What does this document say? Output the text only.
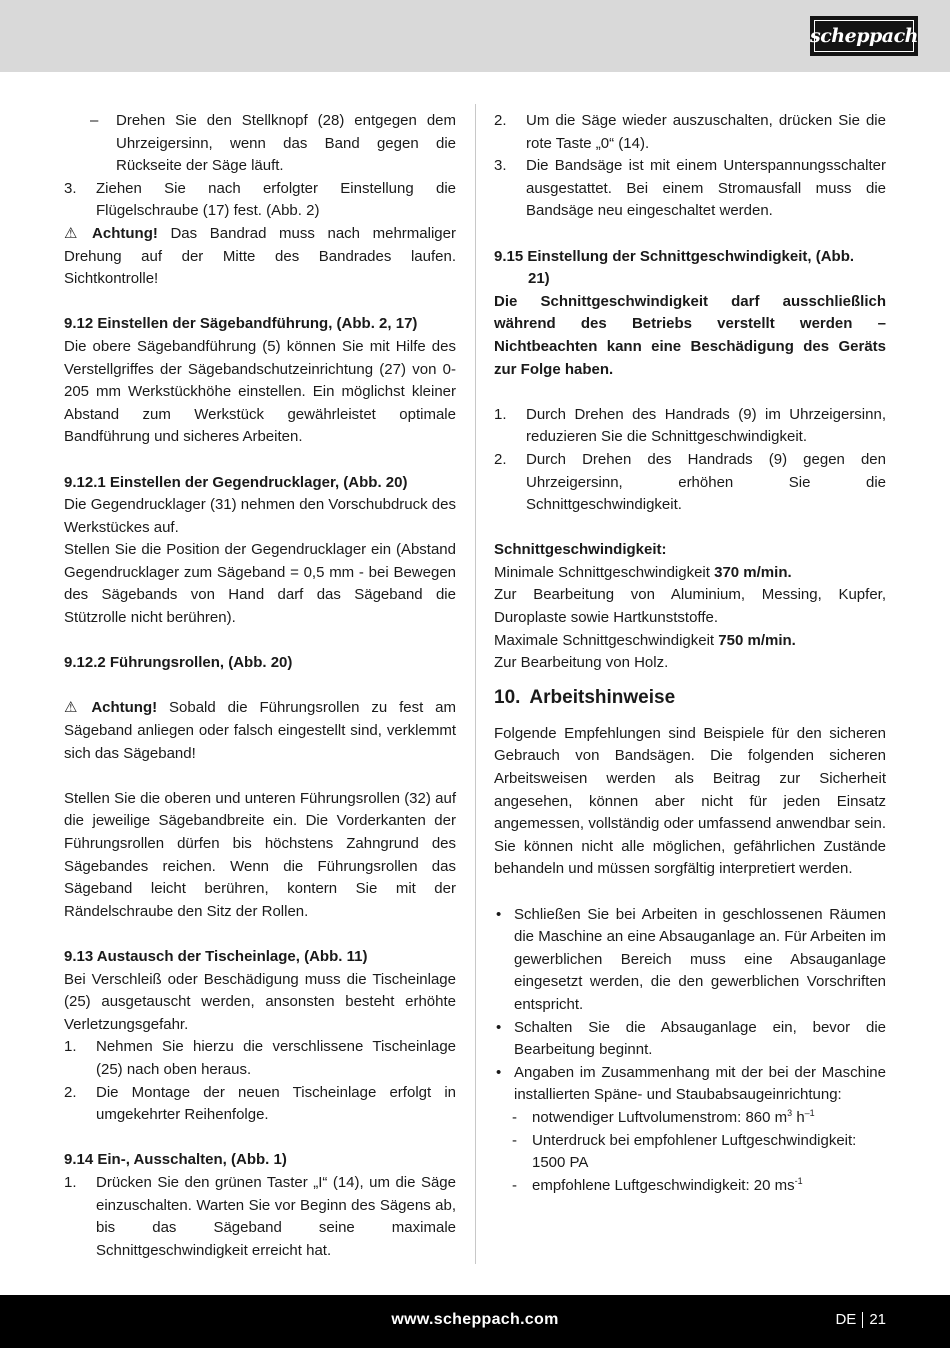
scheppach
–	Drehen Sie den Stellknopf (28) entgegen dem Uhrzeigersinn, wenn das Band gegen die Rückseite der Säge läuft.
3.	Ziehen Sie nach erfolgter Einstellung die Flügelschraube (17) fest. (Abb. 2)

⚠ Achtung! Das Bandrad muss nach mehrmaliger Drehung auf der Mitte des Bandrades laufen. Sichtkontrolle!

9.12 Einstellen der Sägebandführung, (Abb. 2, 17)

Die obere Sägebandführung (5) können Sie mit Hilfe des Verstellgriffes der Sägebandschutzeinrichtung (27) von 0-205 mm Werkstückhöhe einstellen. Ein möglichst kleiner Abstand zum Werkstück gewährleistet optimale Bandführung und sicheres Arbeiten.

9.12.1 Einstellen der Gegendrucklager, (Abb. 20)

Die Gegendrucklager (31) nehmen den Vorschubdruck des Werkstückes auf.

Stellen Sie die Position der Gegendrucklager ein (Abstand Gegendrucklager zum Sägeband = 0,5 mm - bei Bewegen des Sägebands von Hand darf das Sägeband die Stützrolle nicht berühren).

9.12.2 Führungsrollen, (Abb. 20)

⚠ Achtung! Sobald die Führungsrollen zu fest am Sägeband anliegen oder falsch eingestellt sind, verklemmt sich das Sägeband!

Stellen Sie die oberen und unteren Führungsrollen (32) auf die jeweilige Sägebandbreite ein. Die Vorderkanten der Führungsrollen dürfen bis höchstens Zahngrund des Sägebandes reichen. Wenn die Führungsrollen das Sägeband leicht berühren, kontern Sie mit der Rändelschraube den Sitz der Rollen.

9.13 Austausch der Tischeinlage, (Abb. 11)

Bei Verschleiß oder Beschädigung muss die Tischeinlage (25) ausgetauscht werden, ansonsten besteht erhöhte Verletzungsgefahr.

1.	Nehmen Sie hierzu die verschlissene Tischeinlage (25) nach oben heraus.
2.	Die Montage der neuen Tischeinlage erfolgt in umgekehrter Reihenfolge.

9.14 Ein-, Ausschalten, (Abb. 1)

1.	Drücken Sie den grünen Taster „I“ (14), um die Säge einzuschalten. Warten Sie vor Beginn des Sägens ab, bis das Sägeband seine maximale Schnittgeschwindigkeit erreicht hat.
2.	Um die Säge wieder auszuschalten, drücken Sie die rote Taste „0“ (14).
3.	Die Bandsäge ist mit einem Unterspannungsschalter ausgestattet. Bei einem Stromausfall muss die Bandsäge neu eingeschaltet werden.

9.15 Einstellung der Schnittgeschwindigkeit, (Abb.

21)

Die Schnittgeschwindigkeit darf ausschließlich während des Betriebs verstellt werden – Nichtbeachten kann eine Beschädigung des Geräts zur Folge haben.

1.	Durch Drehen des Handrads (9) im Uhrzeigersinn, reduzieren Sie die Schnittgeschwindigkeit.
2.	Durch Drehen des Handrads (9) gegen den Uhrzeigersinn, erhöhen Sie die Schnittgeschwindigkeit.

Schnittgeschwindigkeit:

Minimale Schnittgeschwindigkeit 370 m/min.

Zur Bearbeitung von Aluminium, Messing, Kupfer, Duroplaste sowie Hartkunststoffe.

Maximale Schnittgeschwindigkeit 750 m/min.

Zur Bearbeitung von Holz.

10. Arbeitshinweise

Folgende Empfehlungen sind Beispiele für den sicheren Gebrauch von Bandsägen. Die folgenden sicheren Arbeitsweisen werden als Beitrag zur Sicherheit angesehen, können aber nicht für jeden Einsatz angemessen, vollständig oder umfassend anwendbar sein. Sie können nicht alle möglichen, gefährlichen Zustände behandeln und müssen sorgfältig interpretiert werden.

• Schließen Sie bei Arbeiten in geschlossenen Räumen die Maschine an eine Absauganlage an. Für Arbeiten im gewerblichen Bereich muss eine Absauganlage eingesetzt werden, die den gewerblichen Vorschriften entspricht.
• Schalten Sie die Absauganlage ein, bevor die Bearbeitung beginnt.
• Angaben im Zusammenhang mit der bei der Maschine installierten Späne- und Staubabsaugeinrichtung:
-	notwendiger Luftvolumenstrom: 860 $m^3$ $h^{-1}$
-	Unterdruck bei empfohlener Luftgeschwindigkeit: 1500 PA
-	empfohlene Luftgeschwindigkeit: 20 $ms^{-1}$
www.scheppach.com	DE 21
